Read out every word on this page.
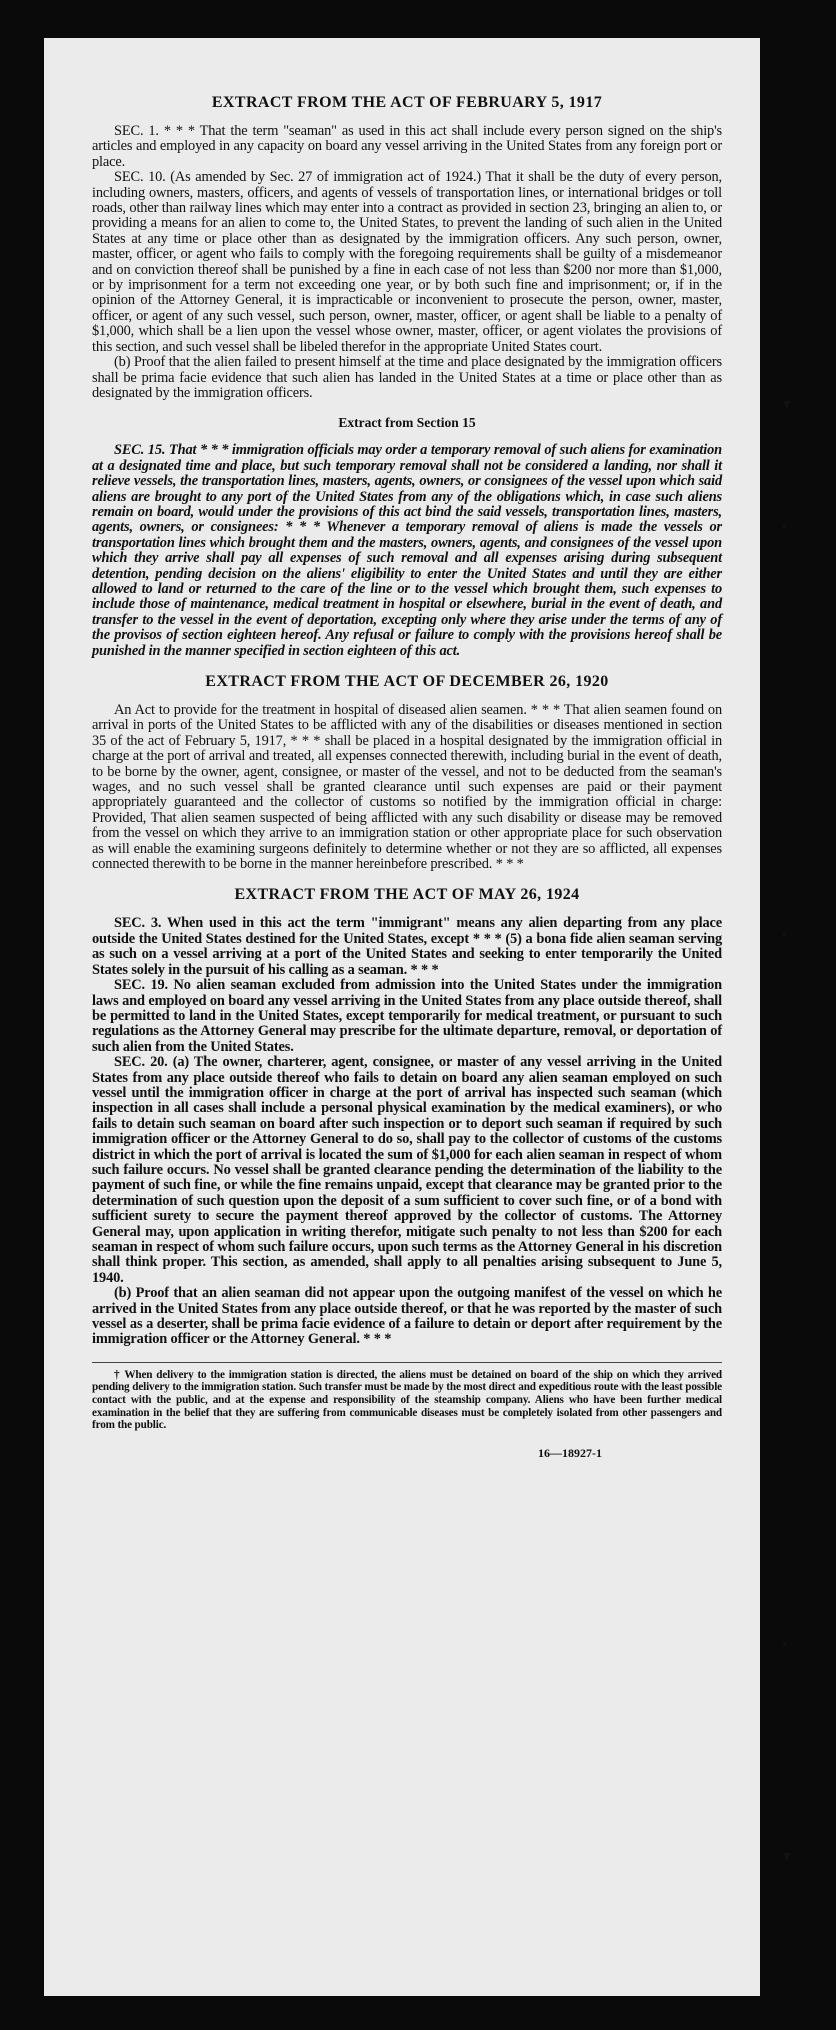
EXTRACT FROM THE ACT OF FEBRUARY 5, 1917

SEC. 1. * * * That the term "seaman" as used in this act shall include every person signed on the ship's articles and employed in any capacity on board any vessel arriving in the United States from any foreign port or place.

SEC. 10. (As amended by Sec. 27 of immigration act of 1924.) That it shall be the duty of every person, including owners, masters, officers, and agents of vessels of transportation lines, or international bridges or toll roads, other than railway lines which may enter into a contract as provided in section 23, bringing an alien to, or providing a means for an alien to come to, the United States, to prevent the landing of such alien in the United States at any time or place other than as designated by the immigration officers. Any such person, owner, master, officer, or agent who fails to comply with the foregoing requirements shall be guilty of a misdemeanor and on conviction thereof shall be punished by a fine in each case of not less than $200 nor more than $1,000, or by imprisonment for a term not exceeding one year, or by both such fine and imprisonment; or, if in the opinion of the Attorney General, it is impracticable or inconvenient to prosecute the person, owner, master, officer, or agent of any such vessel, such person, owner, master, officer, or agent shall be liable to a penalty of $1,000, which shall be a lien upon the vessel whose owner, master, officer, or agent violates the provisions of this section, and such vessel shall be libeled therefor in the appropriate United States court.

(b) Proof that the alien failed to present himself at the time and place designated by the immigration officers shall be prima facie evidence that such alien has landed in the United States at a time or place other than as designated by the immigration officers.

Extract from Section 15

SEC. 15. That * * * immigration officials may order a temporary removal of such aliens for examination at a designated time and place, but such temporary removal shall not be considered a landing, nor shall it relieve vessels, the transportation lines, masters, agents, owners, or consignees of the vessel upon which said aliens are brought to any port of the United States from any of the obligations which, in case such aliens remain on board, would under the provisions of this act bind the said vessels, transportation lines, masters, agents, owners, or consignees: * * * Whenever a temporary removal of aliens is made the vessels or transportation lines which brought them and the masters, owners, agents, and consignees of the vessel upon which they arrive shall pay all expenses of such removal and all expenses arising during subsequent detention, pending decision on the aliens' eligibility to enter the United States and until they are either allowed to land or returned to the care of the line or to the vessel which brought them, such expenses to include those of maintenance, medical treatment in hospital or elsewhere, burial in the event of death, and transfer to the vessel in the event of deportation, excepting only where they arise under the terms of any of the provisos of section eighteen hereof. Any refusal or failure to comply with the provisions hereof shall be punished in the manner specified in section eighteen of this act.

EXTRACT FROM THE ACT OF DECEMBER 26, 1920

An Act to provide for the treatment in hospital of diseased alien seamen. * * * That alien seamen found on arrival in ports of the United States to be afflicted with any of the disabilities or diseases mentioned in section 35 of the act of February 5, 1917, * * * shall be placed in a hospital designated by the immigration official in charge at the port of arrival and treated, all expenses connected therewith, including burial in the event of death, to be borne by the owner, agent, consignee, or master of the vessel, and not to be deducted from the seaman's wages, and no such vessel shall be granted clearance until such expenses are paid or their payment appropriately guaranteed and the collector of customs so notified by the immigration official in charge: Provided, That alien seamen suspected of being afflicted with any such disability or disease may be removed from the vessel on which they arrive to an immigration station or other appropriate place for such observation as will enable the examining surgeons definitely to determine whether or not they are so afflicted, all expenses connected therewith to be borne in the manner hereinbefore prescribed. * * *

EXTRACT FROM THE ACT OF MAY 26, 1924

SEC. 3. When used in this act the term "immigrant" means any alien departing from any place outside the United States destined for the United States, except * * * (5) a bona fide alien seaman serving as such on a vessel arriving at a port of the United States and seeking to enter temporarily the United States solely in the pursuit of his calling as a seaman. * * *

SEC. 19. No alien seaman excluded from admission into the United States under the immigration laws and employed on board any vessel arriving in the United States from any place outside thereof, shall be permitted to land in the United States, except temporarily for medical treatment, or pursuant to such regulations as the Attorney General may prescribe for the ultimate departure, removal, or deportation of such alien from the United States.

SEC. 20. (a) The owner, charterer, agent, consignee, or master of any vessel arriving in the United States from any place outside thereof who fails to detain on board any alien seaman employed on such vessel until the immigration officer in charge at the port of arrival has inspected such seaman (which inspection in all cases shall include a personal physical examination by the medical examiners), or who fails to detain such seaman on board after such inspection or to deport such seaman if required by such immigration officer or the Attorney General to do so, shall pay to the collector of customs of the customs district in which the port of arrival is located the sum of $1,000 for each alien seaman in respect of whom such failure occurs. No vessel shall be granted clearance pending the determination of the liability to the payment of such fine, or while the fine remains unpaid, except that clearance may be granted prior to the determination of such question upon the deposit of a sum sufficient to cover such fine, or of a bond with sufficient surety to secure the payment thereof approved by the collector of customs. The Attorney General may, upon application in writing therefor, mitigate such penalty to not less than $200 for each seaman in respect of whom such failure occurs, upon such terms as the Attorney General in his discretion shall think proper. This section, as amended, shall apply to all penalties arising subsequent to June 5, 1940.

(b) Proof that an alien seaman did not appear upon the outgoing manifest of the vessel on which he arrived in the United States from any place outside thereof, or that he was reported by the master of such vessel as a deserter, shall be prima facie evidence of a failure to detain or deport after requirement by the immigration officer or the Attorney General. * * *

† When delivery to the immigration station is directed, the aliens must be detained on board of the ship on which they arrived pending delivery to the immigration station. Such transfer must be made by the most direct and expeditious route with the least possible contact with the public, and at the expense and responsibility of the steamship company. Aliens who have been further medical examination in the belief that they are suffering from communicable diseases must be completely isolated from other passengers and from the public.

16—18927-1
▼
●
●
●
▼
